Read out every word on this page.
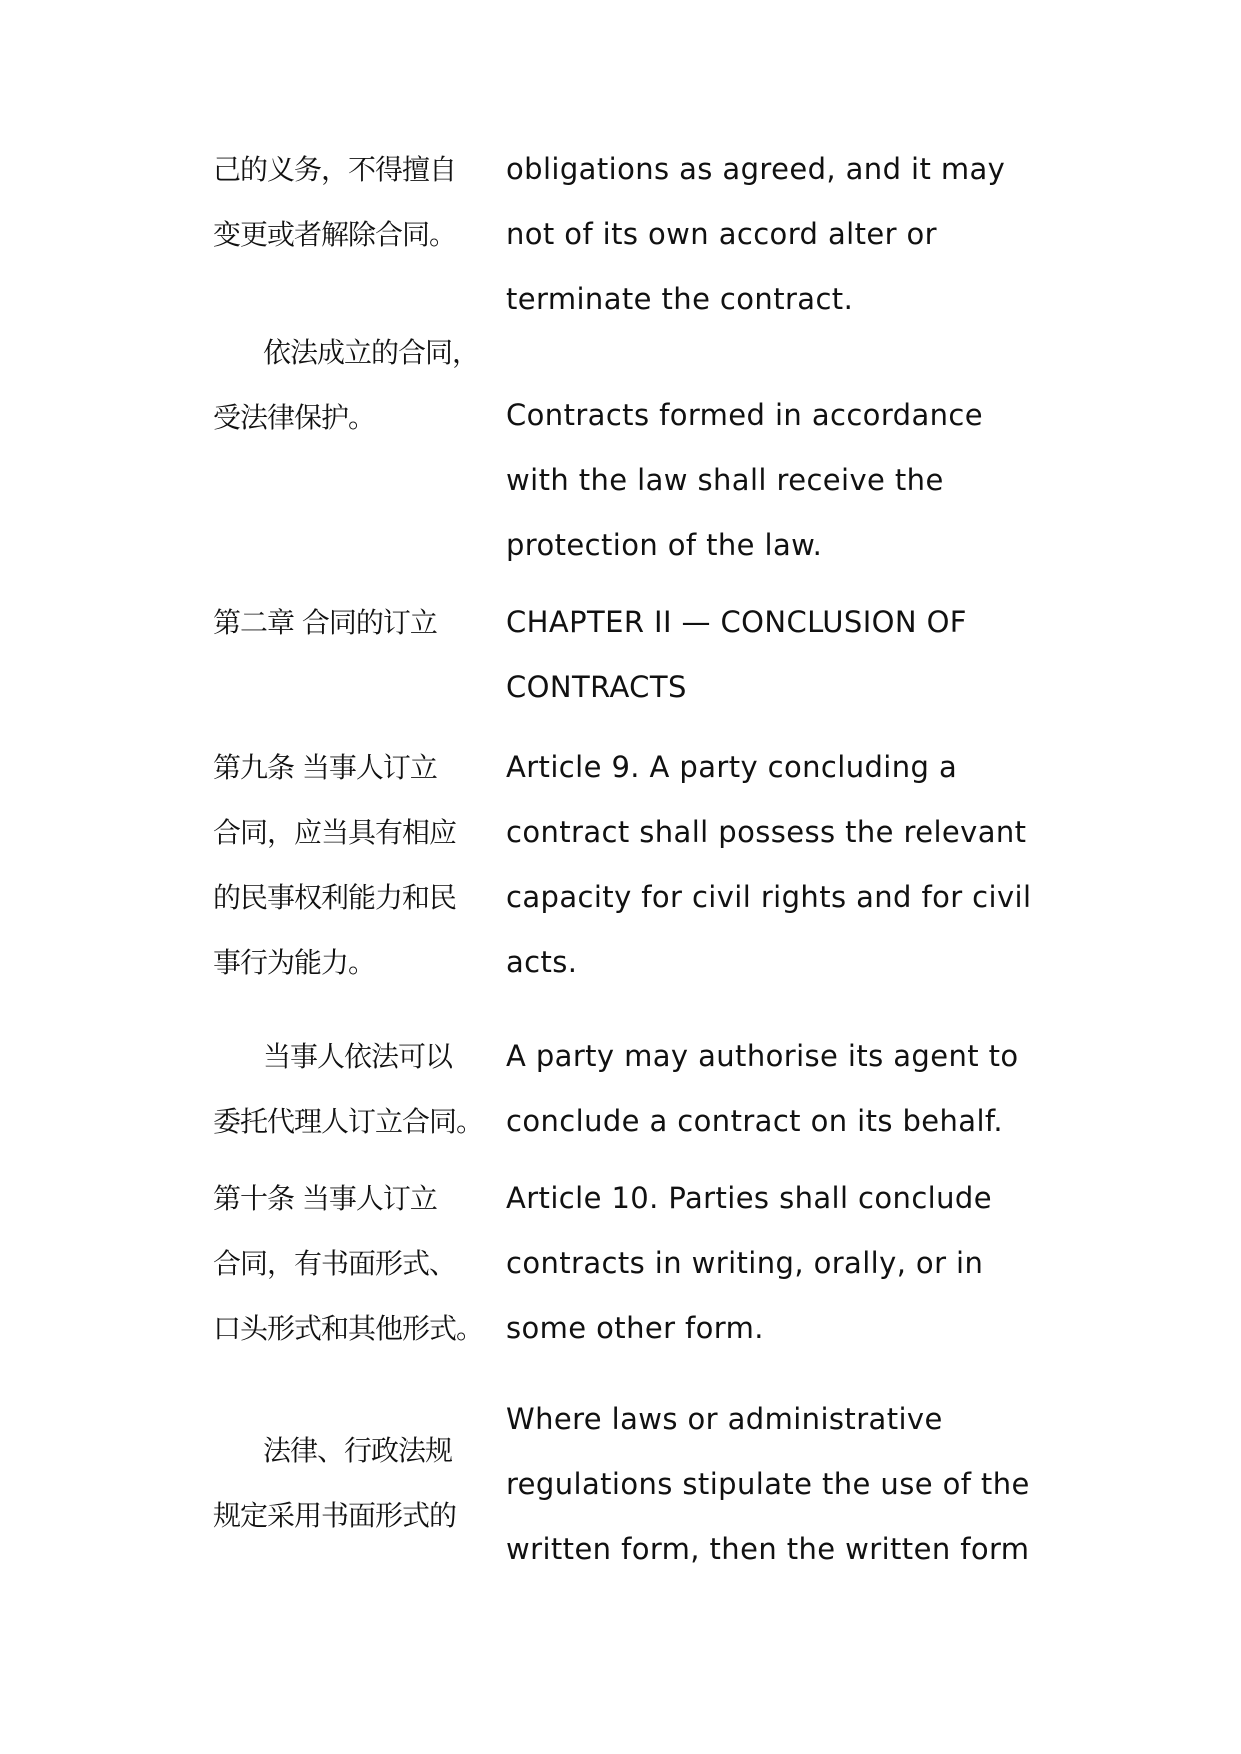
己的义务，不得擅自
变更或者解除合同。
obligations as agreed, and it may
not of its own accord alter or
terminate the contract.
依法成立的合同，
受法律保护。	Contracts formed in accordance
with the law shall receive the
protection of the law.
第二章 合同的订立 CHAPTER II — CONCLUSION OF
CONTRACTS
第九条 当事人订立
合同，应当具有相应
的民事权利能力和民
事行为能力。
Article 9. A party concluding a
contract shall possess the relevant
capacity for civil rights and for civil
acts.
当事人依法可以
委托代理人订立合同。
A party may authorise its agent to
conclude a contract on its behalf.
第十条 当事人订立
合同，有书面形式、
口头形式和其他形式。
Article 10. Parties shall conclude
contracts in writing, orally, or in
some other form.
法律、行政法规
规定采用书面形式的
Where laws or administrative
regulations stipulate the use of the
written form, then the written form
